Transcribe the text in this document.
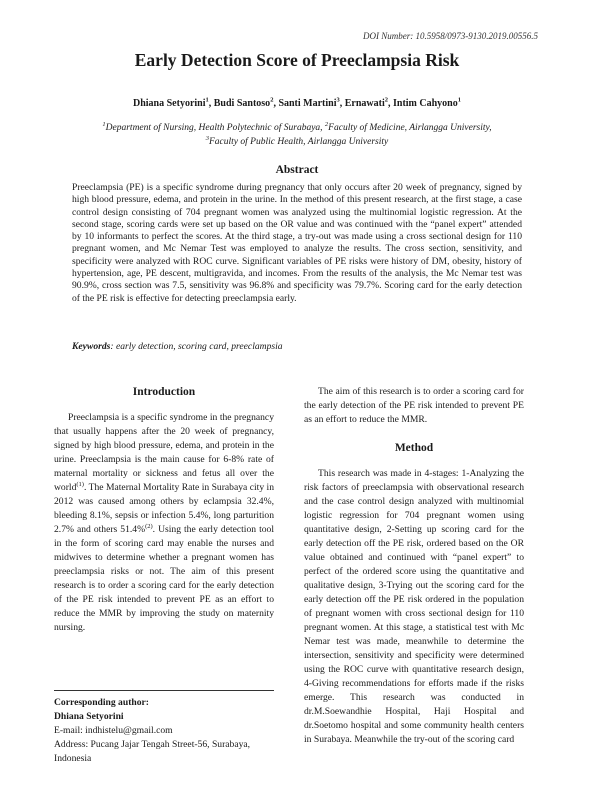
DOI Number: 10.5958/0973-9130.2019.00556.5
Early Detection Score of Preeclampsia Risk
Dhiana Setyorini$^1$, Budi Santoso$^2$, Santi Martini$^3$, Ernawati$^2$, Intim Cahyono$^1$
$^1$Department of Nursing, Health Polytechnic of Surabaya, $^2$Faculty of Medicine, Airlangga University,
$^3$Faculty of Public Health, Airlangga University
Abstract

Preeclampsia (PE) is a specific syndrome during pregnancy that only occurs after 20 week of pregnancy, signed by high blood pressure, edema, and protein in the urine. In the method of this present research, at the first stage, a case control design consisting of 704 pregnant women was analyzed using the multinomial logistic regression. At the second stage, scoring cards were set up based on the OR value and was continued with the “panel expert” attended by 10 informants to perfect the scores. At the third stage, a try-out was made using a cross sectional design for 110 pregnant women, and Mc Nemar Test was employed to analyze the results. The cross section, sensitivity, and specificity were analyzed with ROC curve. Significant variables of PE risks were history of DM, obesity, history of hypertension, age, PE descent, multigravida, and incomes. From the results of the analysis, the Mc Nemar test was 90.9%, cross section was 7.5, sensitivity was 96.8% and specificity was 79.7%. Scoring card for the early detection of the PE risk is effective for detecting preeclampsia early.

Keywords: early detection, scoring card, preeclampsia

Introduction

Preeclampsia is a specific syndrome in the pregnancy that usually happens after the 20 week of pregnancy, signed by high blood pressure, edema, and protein in the urine. Preeclampsia is the main cause for 6-8% rate of maternal mortality or sickness and fetus all over the world$^{(1)}$. The Maternal Mortality Rate in Surabaya city in 2012 was caused among others by eclampsia 32.4%, bleeding 8.1%, sepsis or infection 5.4%, long parturition 2.7% and others 51.4%$^{(2)}$. Using the early detection tool in the form of scoring card may enable the nurses and midwives to determine whether a pregnant women has preeclampsia risks or not. The aim of this present research is to order a scoring card for the early detection of the PE risk intended to prevent PE as an effort to reduce the MMR by improving the study on maternity nursing.

The aim of this research is to order a scoring card for the early detection of the PE risk intended to prevent PE as an effort to reduce the MMR.

Method

This research was made in 4-stages: 1-Analyzing the risk factors of preeclampsia with observational research and the case control design analyzed with multinomial logistic regression for 704 pregnant women using quantitative design, 2-Setting up scoring card for the early detection off the PE risk, ordered based on the OR value obtained and continued with “panel expert” to perfect of the ordered score using the quantitative and qualitative design, 3-Trying out the scoring card for the early detection off the PE risk ordered in the population of pregnant women with cross sectional design for 110 pregnant women. At this stage, a statistical test with Mc Nemar test was made, meanwhile to determine the intersection, sensitivity and specificity were determined using the ROC curve with quantitative research design, 4-Giving recommendations for efforts made if the risks emerge. This research was conducted in dr.M.Soewandhie Hospital, Haji Hospital and dr.Soetomo hospital and some community health centers in Surabaya. Meanwhile the try-out of the scoring card

Corresponding author:
Dhiana Setyorini
E-mail: indhistelu@gmail.com
Address: Pucang Jajar Tengah Street-56, Surabaya, Indonesia
